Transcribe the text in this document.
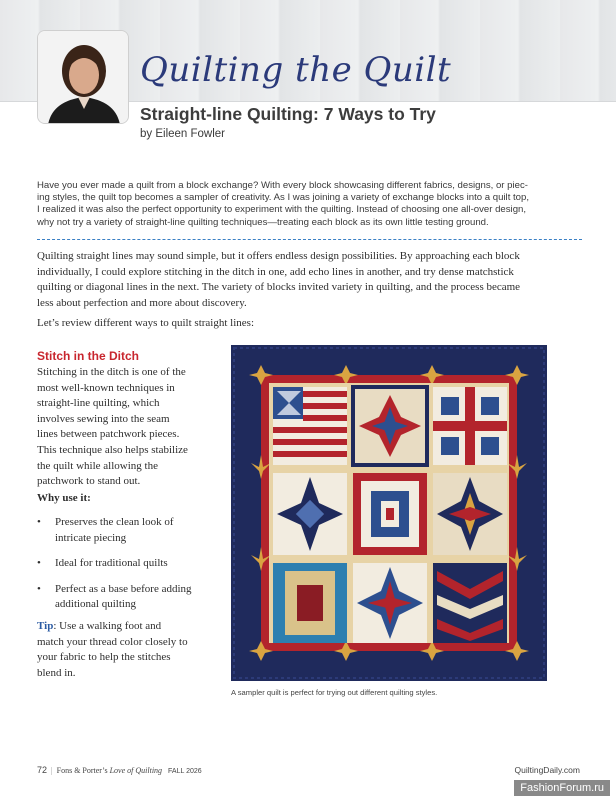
Quilting the Quilt
Straight-line Quilting: 7 Ways to Try
by Eileen Fowler
Have you ever made a quilt from a block exchange? With every block showcasing different fabrics, designs, or piec-
ing styles, the quilt top becomes a sampler of creativity. As I was joining a variety of exchange blocks into a quilt top,
I realized it was also the perfect opportunity to experiment with the quilting. Instead of choosing one all-over design,
why not try a variety of straight-line quilting techniques—treating each block as its own little testing ground.
Quilting straight lines may sound simple, but it offers endless design possibilities. By approaching each block
individually, I could explore stitching in the ditch in one, add echo lines in another, and try dense matchstick
quilting or diagonal lines in the next. The variety of blocks invited variety in quilting, and the process became
less about perfection and more about discovery.
Let’s review different ways to quilt straight lines:
Stitch in the Ditch
Stitching in the ditch is one of the
most well-known techniques in
straight-line quilting, which
involves sewing into the seam
lines between patchwork pieces.
This technique also helps stabilize
the quilt while allowing the
patchwork to stand out.
Why use it:
•	Preserves the clean look of
intricate piecing
•	Ideal for traditional quilts
•	Perfect as a base before adding
additional quilting
Tip: Use a walking foot and
match your thread color closely to
your fabric to help the stitches
blend in.
A sampler quilt is perfect for trying out different quilting styles.
72 | Fons & Porter’s Love of Quilting FALL 2026	QuiltingDaily.com
FashionForum.ru
